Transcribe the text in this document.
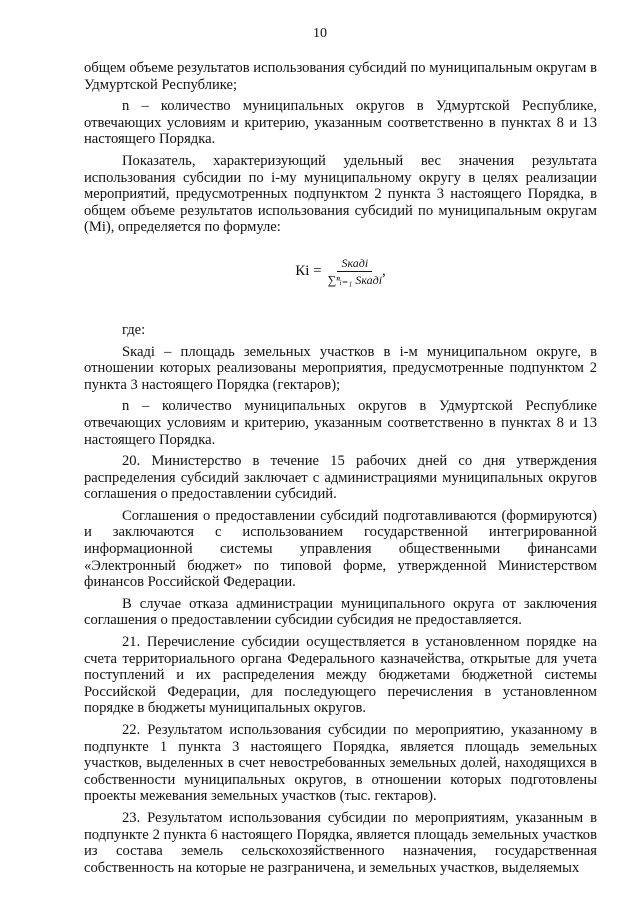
10

общем объеме результатов использования субсидий по муниципальным округам в Удмуртской Республике;

n – количество муниципальных округов в Удмуртской Республике, отвечающих условиям и критерию, указанным соответственно в пунктах 8 и 13 настоящего Порядка.

Показатель, характеризующий удельный вес значения результата использования субсидии по i-му муниципальному округу в целях реализации мероприятий, предусмотренных подпунктом 2 пункта 3 настоящего Порядка, в общем объеме результатов использования субсидий по муниципальным округам (Mi), определяется по формуле:

Кi = $\frac{\text{Sкадi}}{\text{∑ⁿᵢ₌₁ Sкадi}}$ ,

где:

Sкадi – площадь земельных участков в i-м муниципальном округе, в отношении которых реализованы мероприятия, предусмотренные подпунктом 2 пункта 3 настоящего Порядка (гектаров);

n – количество муниципальных округов в Удмуртской Республике отвечающих условиям и критерию, указанным соответственно в пунктах 8 и 13 настоящего Порядка.

20. Министерство в течение 15 рабочих дней со дня утверждения распределения субсидий заключает с администрациями муниципальных округов соглашения о предоставлении субсидий.

Соглашения о предоставлении субсидий подготавливаются (формируются) и заключаются с использованием государственной интегрированной информационной системы управления общественными финансами «Электронный бюджет» по типовой форме, утвержденной Министерством финансов Российской Федерации.

В случае отказа администрации муниципального округа от заключения соглашения о предоставлении субсидии субсидия не предоставляется.

21. Перечисление субсидии осуществляется в установленном порядке на счета территориального органа Федерального казначейства, открытые для учета поступлений и их распределения между бюджетами бюджетной системы Российской Федерации, для последующего перечисления в установленном порядке в бюджеты муниципальных округов.

22. Результатом использования субсидии по мероприятию, указанному в подпункте 1 пункта 3 настоящего Порядка, является площадь земельных участков, выделенных в счет невостребованных земельных долей, находящихся в собственности муниципальных округов, в отношении которых подготовлены проекты межевания земельных участков (тыс. гектаров).

23. Результатом использования субсидии по мероприятиям, указанным в подпункте 2 пункта 6 настоящего Порядка, является площадь земельных участков из состава земель сельскохозяйственного назначения, государственная собственность на которые не разграничена, и земельных участков, выделяемых
